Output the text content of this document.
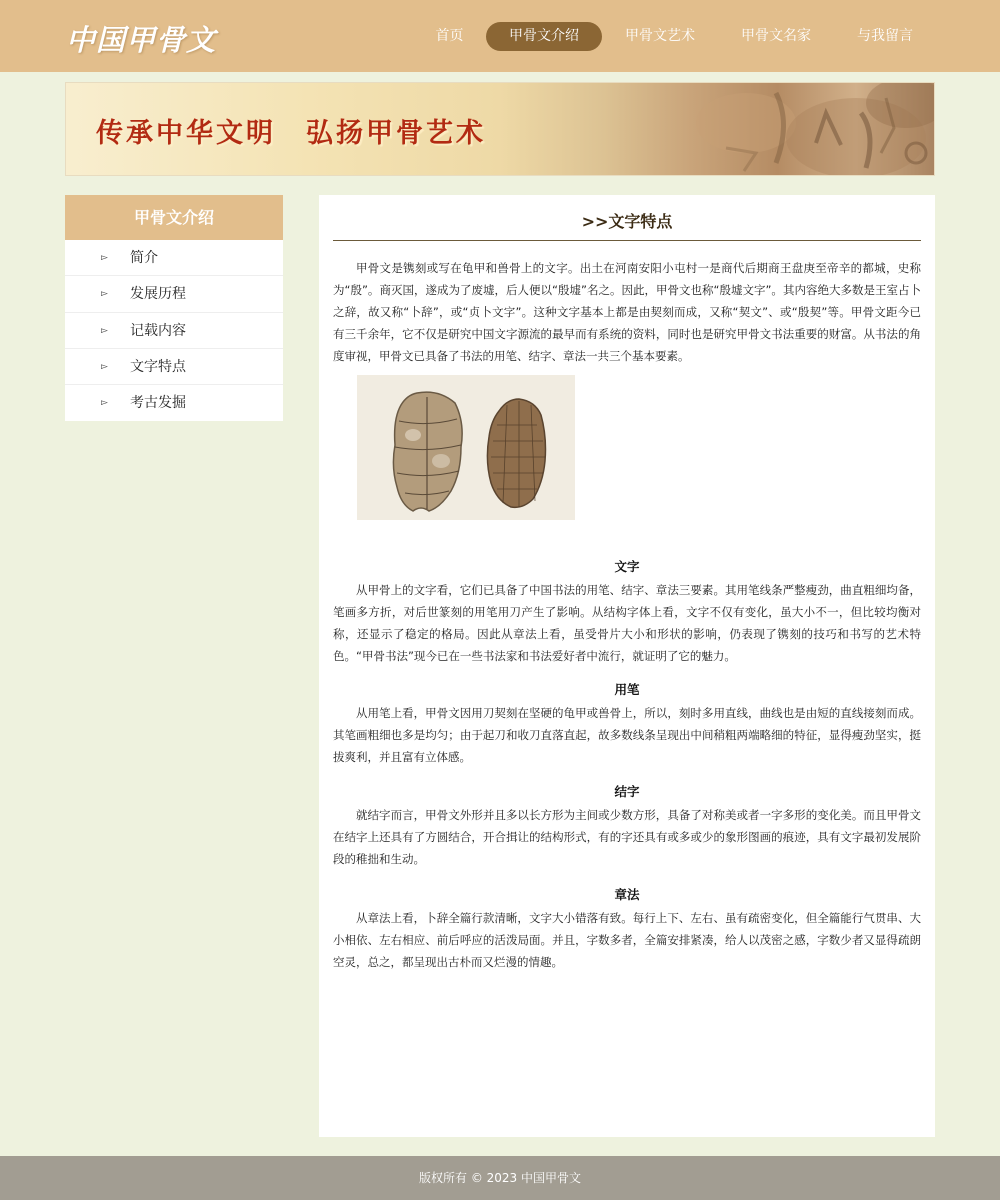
中国甲骨文	首页	甲骨文介绍	甲骨文艺术	甲骨文名家	与我留言
传承中华文明　弘扬甲骨艺术
甲骨文介绍
▻ 简介
▻ 发展历程
▻ 记载内容
▻ 文字特点
▻ 考古发掘
>>文字特点

甲骨文是镌刻或写在龟甲和兽骨上的文字。出土在河南安阳小屯村一是商代后期商王盘庚至帝辛的都城，史称为“殷”。商灭国，遂成为了废墟，后人便以“殷墟”名之。因此，甲骨文也称“殷墟文字”。其内容绝大多数是王室占卜之辞，故又称“卜辞”，或“贞卜文字”。这种文字基本上都是由契刻而成，又称“契文”、或“殷契”等。甲骨文距今已有三千余年，它不仅是研究中国文字源流的最早而有系统的资料，同时也是研究甲骨文书法重要的财富。从书法的角度审视，甲骨文已具备了书法的用笔、结字、章法一共三个基本要素。

文字

从甲骨上的文字看，它们已具备了中国书法的用笔、结字、章法三要素。其用笔线条严整瘦劲，曲直粗细均备，笔画多方折，对后世篆刻的用笔用刀产生了影响。从结构字体上看，文字不仅有变化，虽大小不一，但比较均衡对称，还显示了稳定的格局。因此从章法上看，虽受骨片大小和形状的影响，仍表现了镌刻的技巧和书写的艺术特色。“甲骨书法”现今已在一些书法家和书法爱好者中流行，就证明了它的魅力。

用笔

从用笔上看，甲骨文因用刀契刻在坚硬的龟甲或兽骨上，所以，刻时多用直线，曲线也是由短的直线接刻而成。其笔画粗细也多是均匀；由于起刀和收刀直落直起，故多数线条呈现出中间稍粗两端略细的特征，显得瘦劲坚实，挺拔爽利，并且富有立体感。

结字

就结字而言，甲骨文外形并且多以长方形为主间或少数方形，具备了对称美或者一字多形的变化美。而且甲骨文在结字上还具有了方圆结合，开合揖让的结构形式，有的字还具有或多或少的象形图画的痕迹，具有文字最初发展阶段的稚拙和生动。

章法

从章法上看，卜辞全篇行款清晰，文字大小错落有致。每行上下、左右、虽有疏密变化，但全篇能行气贯串、大小相依、左右相应、前后呼应的活泼局面。并且，字数多者，全篇安排紧凑，给人以茂密之感，字数少者又显得疏朗空灵，总之，都呈现出古朴而又烂漫的情趣。

版权所有 © 2023 中国甲骨文
